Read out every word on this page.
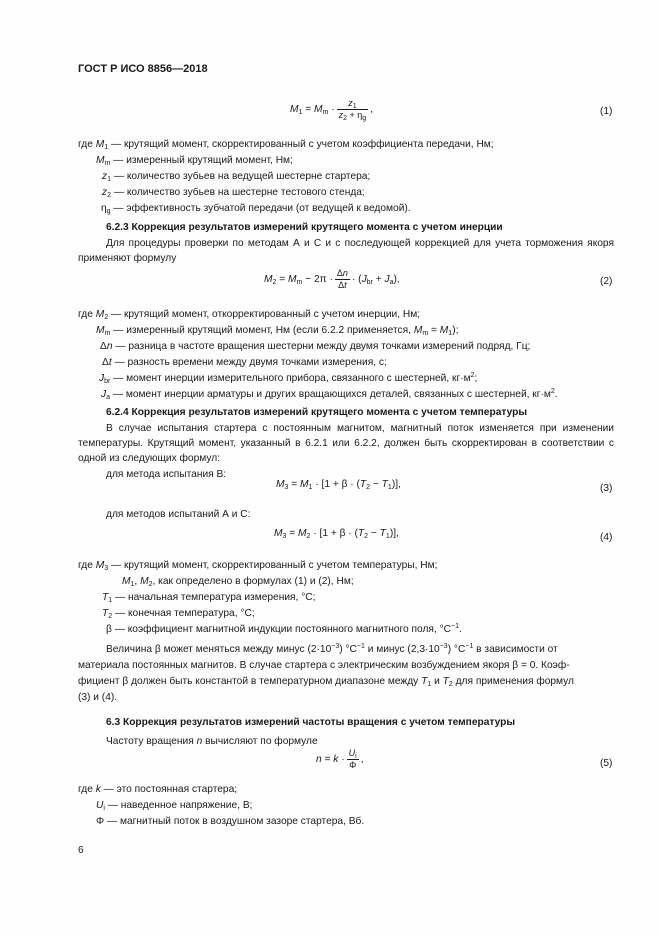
ГОСТ Р ИСО 8856—2018
$M_1 = M_m \cdot \frac{z_1}{z_2 + \eta_g}$ ,	(1)
где $M_1$ — крутящий момент, скорректированный с учетом коэффициента передачи, Нм;
$M_m$ — измеренный крутящий момент, Нм;
$z_1$ — количество зубьев на ведущей шестерне стартера;
$z_2$ — количество зубьев на шестерне тестового стенда;
$\eta_g$ — эффективность зубчатой передачи (от ведущей к ведомой).
6.2.3 Коррекция результатов измерений крутящего момента с учетом инерции
Для процедуры проверки по методам А и С и с последующей коррекцией для учета торможения якоря применяют формулу
$M_2 = M_m - 2\pi \cdot \frac{\Delta n}{\Delta t} \cdot (J_{br} + J_a)$,	(2)
где $M_2$ — крутящий момент, откорректированный с учетом инерции, Нм;
$M_m$ — измеренный крутящий момент, Нм (если 6.2.2 применяется, $M_m = M_1$);
Δn — разница в частоте вращения шестерни между двумя точками измерений подряд, Гц;
Δt — разность времени между двумя точками измерения, с;
$J_{br}$ — момент инерции измерительного прибора, связанного с шестерней, $кг\cdot м^2$;
$J_a$ — момент инерции арматуры и других вращающихся деталей, связанных с шестерней, $кг\cdot м^2$.
6.2.4 Коррекция результатов измерений крутящего момента с учетом температуры
В случае испытания стартера с постоянным магнитом, магнитный поток изменяется при изменении температуры. Крутящий момент, указанный в 6.2.1 или 6.2.2, должен быть скорректирован в соответствии с одной из следующих формул:
для метода испытания В:
$M_3 = M_1 \cdot [1 + \beta \cdot (T_2 - T_1)]$,	(3)
для методов испытаний А и С:
$M_3 = M_2 \cdot [1 + \beta \cdot (T_2 - T_1)]$,	(4)
где $M_3$ — крутящий момент, скорректированный с учетом температуры, Нм;
$M_1$, $M_2$, как определено в формулах (1) и (2), Нм;
$T_1$ — начальная температура измерения, °С;
$T_2$ — конечная температура, °С;
β — коэффициент магнитной индукции постоянного магнитного поля, $^\circ С^{-1}$.
Величина β может меняться между минус $(2\cdot 10^{-3})$ $^\circ С^{-1}$ и минус $(2,3\cdot 10^{-3})$ $^\circ С^{-1}$ в зависимости от
материала постоянных магнитов. В случае стартера с электрическим возбуждением якоря β = 0. Коэф-
фициент β должен быть константой в температурном диапазоне между $T_1$ и $T_2$ для применения формул
(3) и (4).
6.3 Коррекция результатов измерений частоты вращения с учетом температуры
Частоту вращения n вычисляют по формуле
$n = k \cdot \frac{U_i}{\Phi}$ ,	(5)
где k — это постоянная стартера;
$U_i$ — наведенное напряжение, В;
Φ — магнитный поток в воздушном зазоре стартера, Вб.
6
